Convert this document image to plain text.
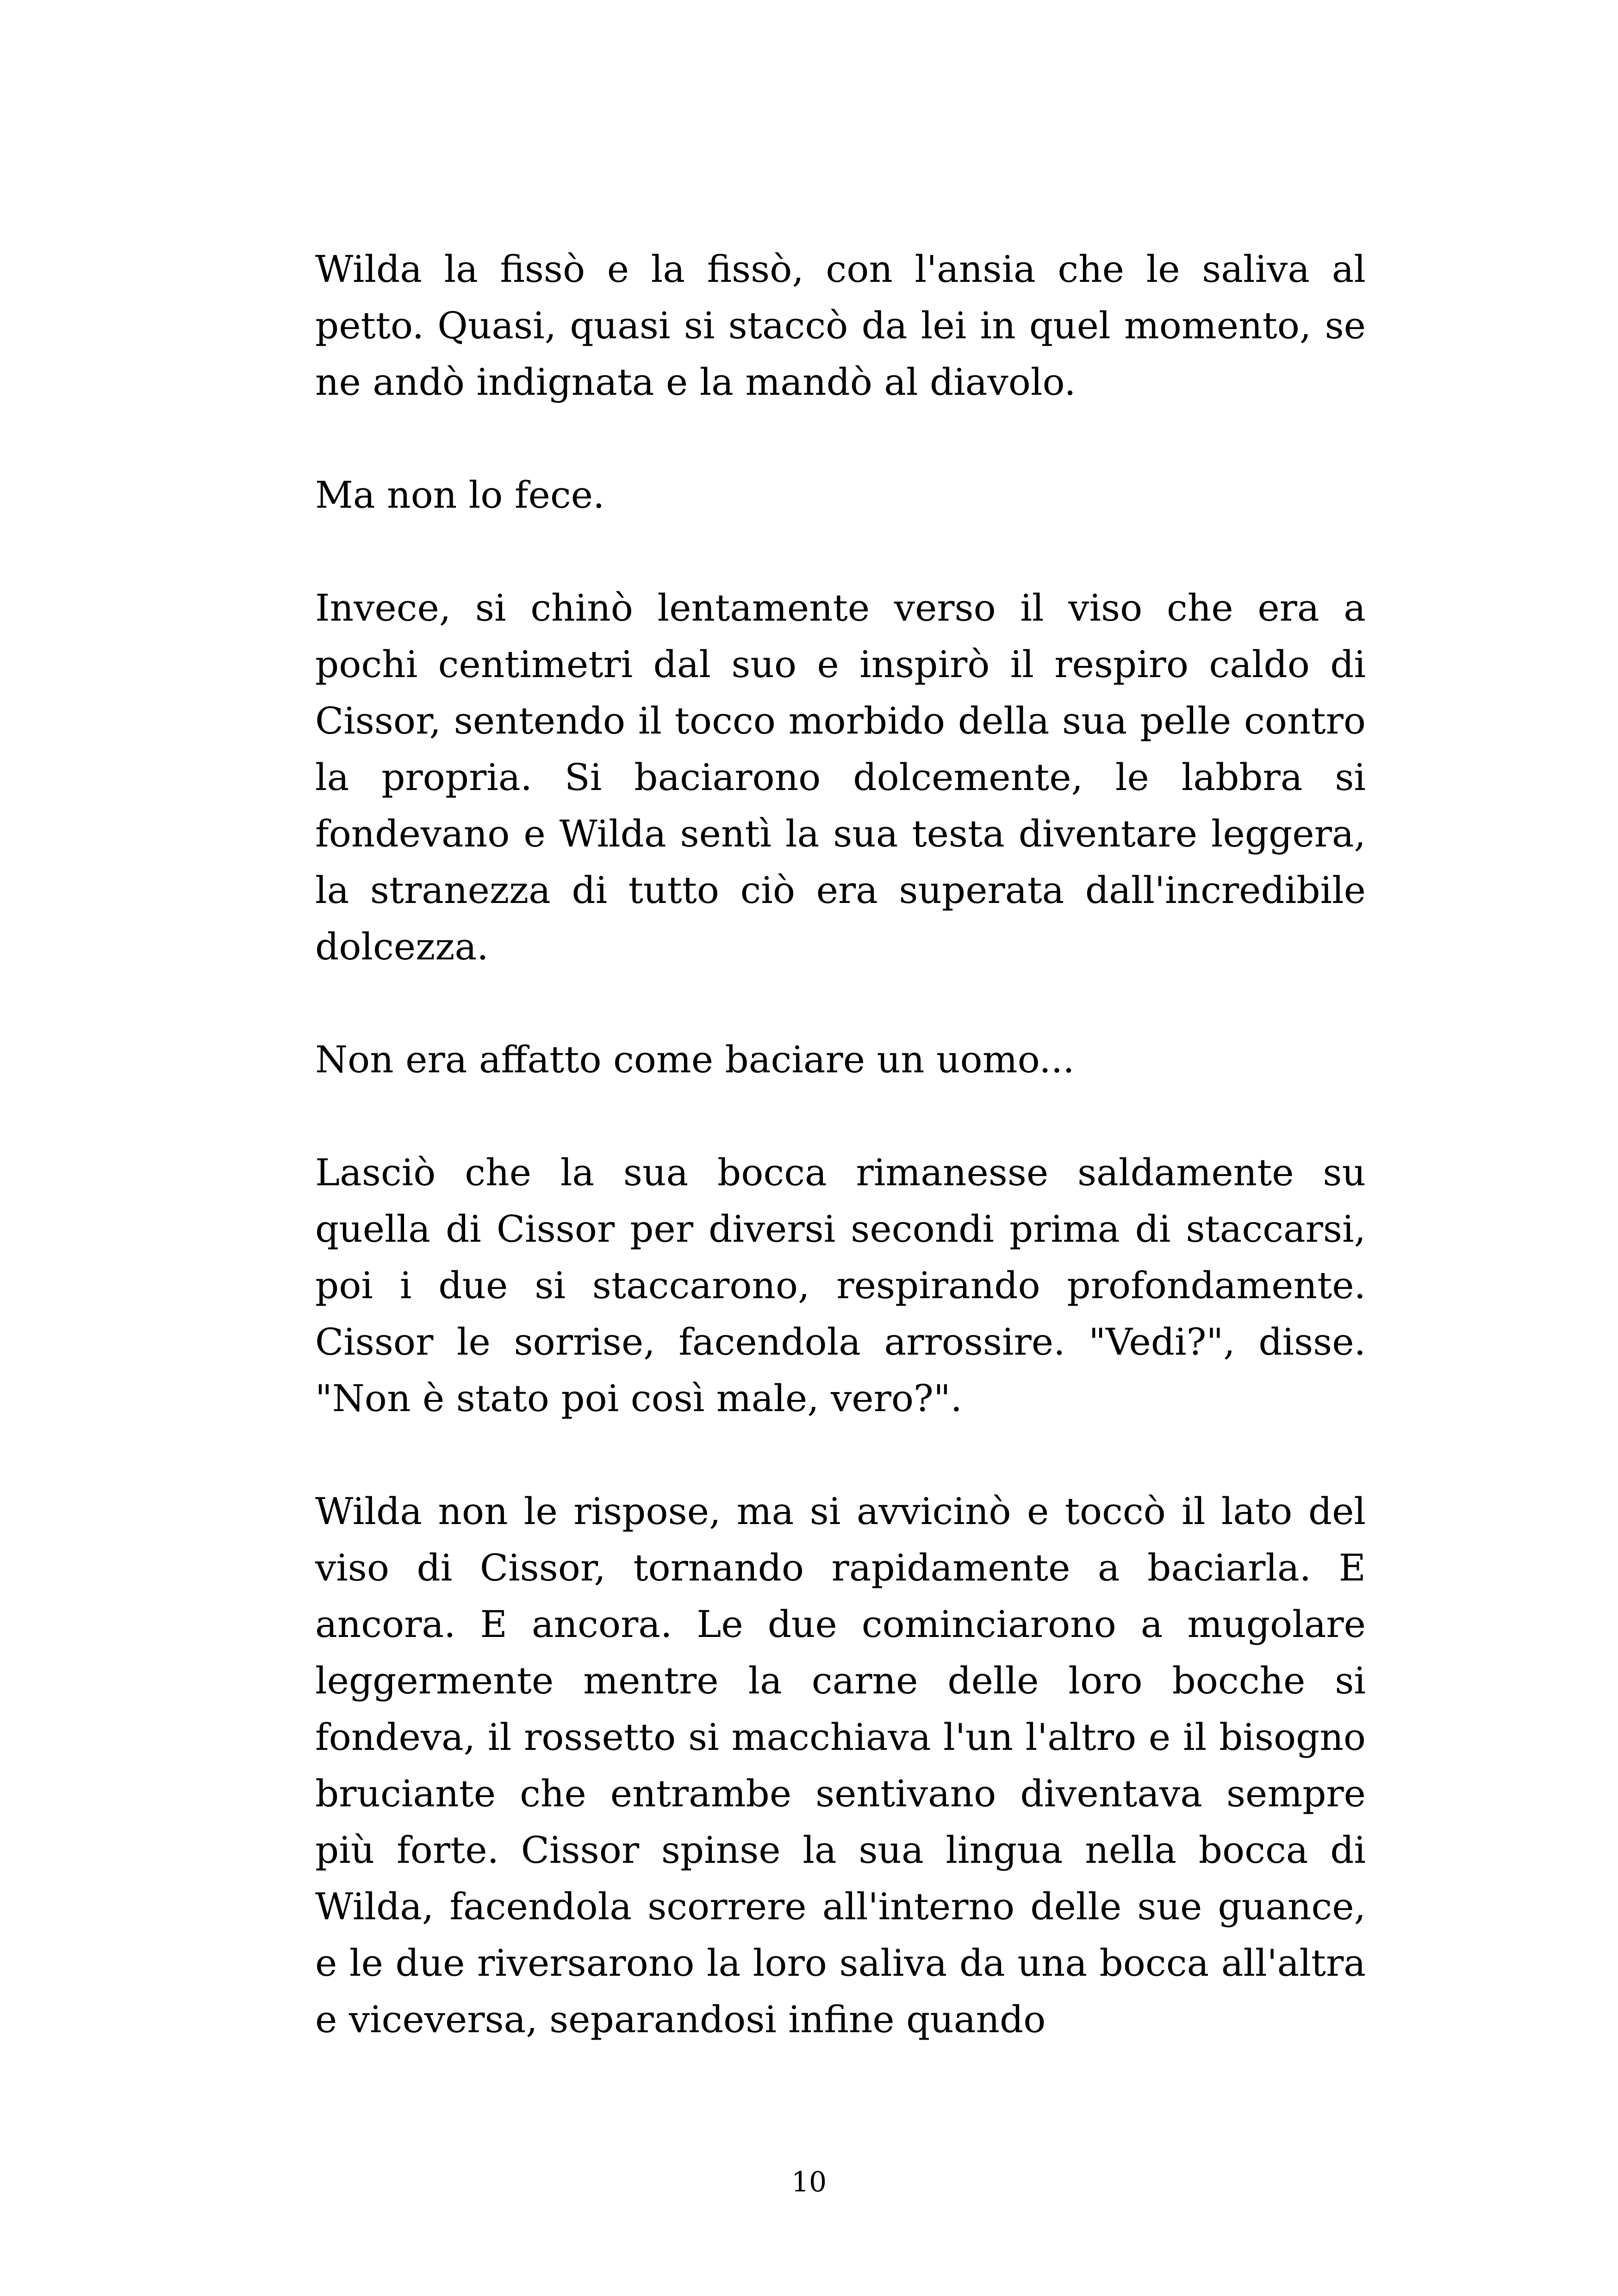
Wilda la fissò e la fissò, con l'ansia che le saliva al petto. Quasi, quasi si staccò da lei in quel momento, se ne andò indignata e la mandò al diavolo.

Ma non lo fece.

Invece, si chinò lentamente verso il viso che era a pochi centimetri dal suo e inspirò il respiro caldo di Cissor, sentendo il tocco morbido della sua pelle contro la propria. Si baciarono dolcemente, le labbra si fondevano e Wilda sentì la sua testa diventare leggera, la stranezza di tutto ciò era superata dall'incredibile dolcezza.

Non era affatto come baciare un uomo...

Lasciò che la sua bocca rimanesse saldamente su quella di Cissor per diversi secondi prima di staccarsi, poi i due si staccarono, respirando profondamente. Cissor le sorrise, facendola arrossire. "Vedi?", disse. "Non è stato poi così male, vero?".

Wilda non le rispose, ma si avvicinò e toccò il lato del viso di Cissor, tornando rapidamente a baciarla. E ancora. E ancora. Le due cominciarono a mugolare leggermente mentre la carne delle loro bocche si fondeva, il rossetto si macchiava l'un l'altro e il bisogno bruciante che entrambe sentivano diventava sempre più forte. Cissor spinse la sua lingua nella bocca di Wilda, facendola scorrere all'interno delle sue guance, e le due riversarono la loro saliva da una bocca all'altra e viceversa, separandosi infine quando

10
